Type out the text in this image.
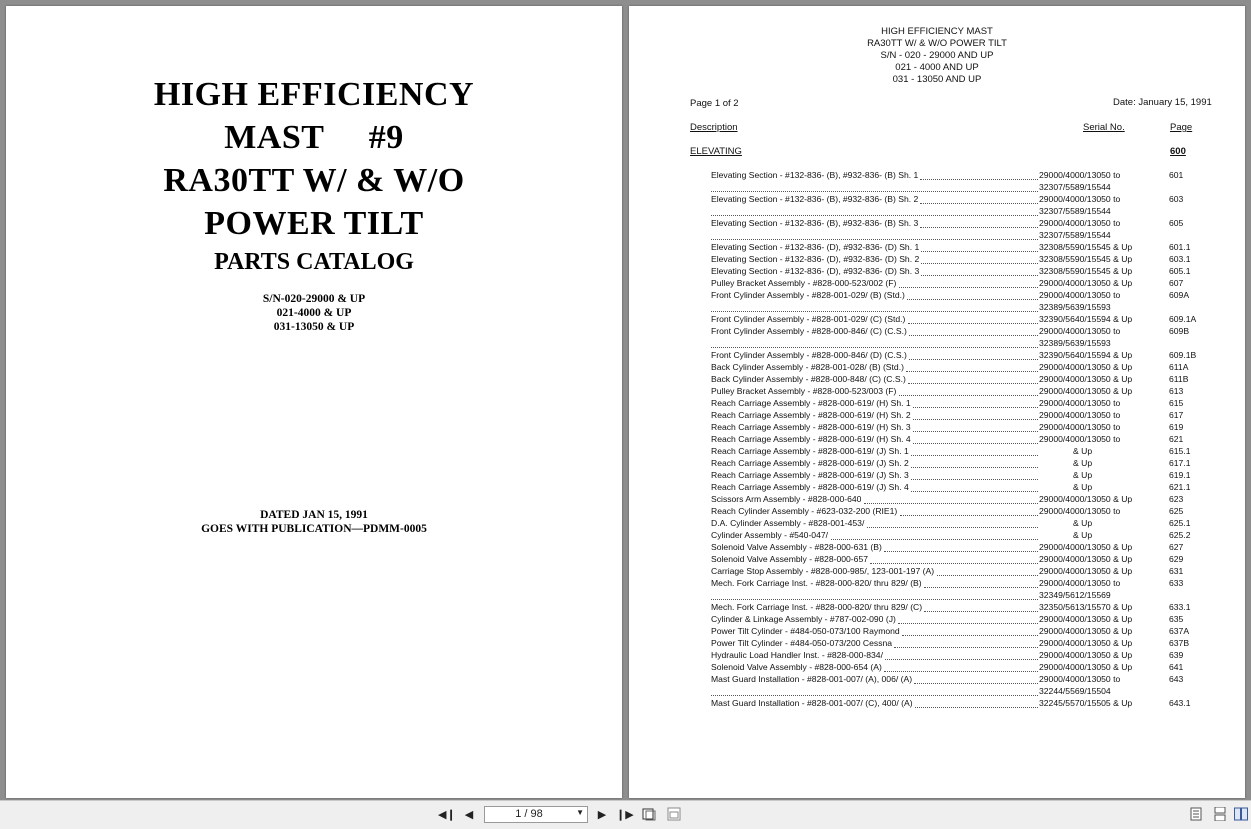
HIGH EFFICIENCY
MAST     #9
RA30TT W/ & W/O
POWER TILT
PARTS CATALOG
S/N-020-29000 & UP
021-4000 & UP
031-13050 & UP
DATED JAN 15, 1991
GOES WITH PUBLICATION—PDMM-0005
HIGH EFFICIENCY MAST
RA30TT W/ & W/O POWER TILT
S/N - 020 - 29000 AND UP
021 - 4000 AND UP
031 - 13050 AND UP
Page 1 of 2	Date: January 15, 1991
Description	Serial No.	Page
ELEVATING	600
Elevating Section - #132-836- (B), #932-836- (B) Sh. 1	29000/4000/13050 to	601
32307/5589/15544
Elevating Section - #132-836- (B), #932-836- (B) Sh. 2	29000/4000/13050 to	603
32307/5589/15544
Elevating Section - #132-836- (B), #932-836- (B) Sh. 3	29000/4000/13050 to	605
32307/5589/15544
Elevating Section - #132-836- (D), #932-836- (D) Sh. 1	32308/5590/15545 & Up	601.1
Elevating Section - #132-836- (D), #932-836- (D) Sh. 2	32308/5590/15545 & Up	603.1
Elevating Section - #132-836- (D), #932-836- (D) Sh. 3	32308/5590/15545 & Up	605.1
Pulley Bracket Assembly - #828-000-523/002 (F)	29000/4000/13050 & Up	607
Front Cylinder Assembly - #828-001-029/ (B) (Std.)	29000/4000/13050 to	609A
32389/5639/15593
Front Cylinder Assembly - #828-001-029/ (C) (Std.)	32390/5640/15594 & Up	609.1A
Front Cylinder Assembly - #828-000-846/ (C) (C.S.)	29000/4000/13050 to	609B
32389/5639/15593
Front Cylinder Assembly - #828-000-846/ (D) (C.S.)	32390/5640/15594 & Up	609.1B
Back Cylinder Assembly - #828-001-028/ (B) (Std.)	29000/4000/13050 & Up	611A
Back Cylinder Assembly - #828-000-848/ (C) (C.S.)	29000/4000/13050 & Up	611B
Pulley Bracket Assembly - #828-000-523/003 (F)	29000/4000/13050 & Up	613
Reach Carriage Assembly - #828-000-619/ (H) Sh. 1	29000/4000/13050 to	615
Reach Carriage Assembly - #828-000-619/ (H) Sh. 2	29000/4000/13050 to	617
Reach Carriage Assembly - #828-000-619/ (H) Sh. 3	29000/4000/13050 to	619
Reach Carriage Assembly - #828-000-619/ (H) Sh. 4	29000/4000/13050 to	621
Reach Carriage Assembly - #828-000-619/ (J) Sh. 1	& Up	615.1
Reach Carriage Assembly - #828-000-619/ (J) Sh. 2	& Up	617.1
Reach Carriage Assembly - #828-000-619/ (J) Sh. 3	& Up	619.1
Reach Carriage Assembly - #828-000-619/ (J) Sh. 4	& Up	621.1
Scissors Arm Assembly - #828-000-640	29000/4000/13050 & Up	623
Reach Cylinder Assembly - #623-032-200 (RIE1)	29000/4000/13050 to	625
D.A. Cylinder Assembly - #828-001-453/	& Up	625.1
Cylinder Assembly - #540-047/	& Up	625.2
Solenoid Valve Assembly - #828-000-631 (B)	29000/4000/13050 & Up	627
Solenoid Valve Assembly - #828-000-657	29000/4000/13050 & Up	629
Carriage Stop Assembly - #828-000-985/, 123-001-197 (A)	29000/4000/13050 & Up	631
Mech. Fork Carriage Inst. - #828-000-820/ thru 829/ (B)	29000/4000/13050 to	633
32349/5612/15569
Mech. Fork Carriage Inst. - #828-000-820/ thru 829/ (C)	32350/5613/15570 & Up	633.1
Cylinder & Linkage Assembly - #787-002-090 (J)	29000/4000/13050 & Up	635
Power Tilt Cylinder - #484-050-073/100 Raymond	29000/4000/13050 & Up	637A
Power Tilt Cylinder - #484-050-073/200 Cessna	29000/4000/13050 & Up	637B
Hydraulic Load Handler Inst. - #828-000-834/	29000/4000/13050 & Up	639
Solenoid Valve Assembly - #828-000-654 (A)	29000/4000/13050 & Up	641
Mast Guard Installation - #828-001-007/ (A), 006/ (A)	29000/4000/13050 to	643
32244/5569/15504
Mast Guard Installation - #828-001-007/ (C), 400/ (A)	32245/5570/15505 & Up	643.1
◀❙ ◀	1 / 98	▼	▶ ❙▶
